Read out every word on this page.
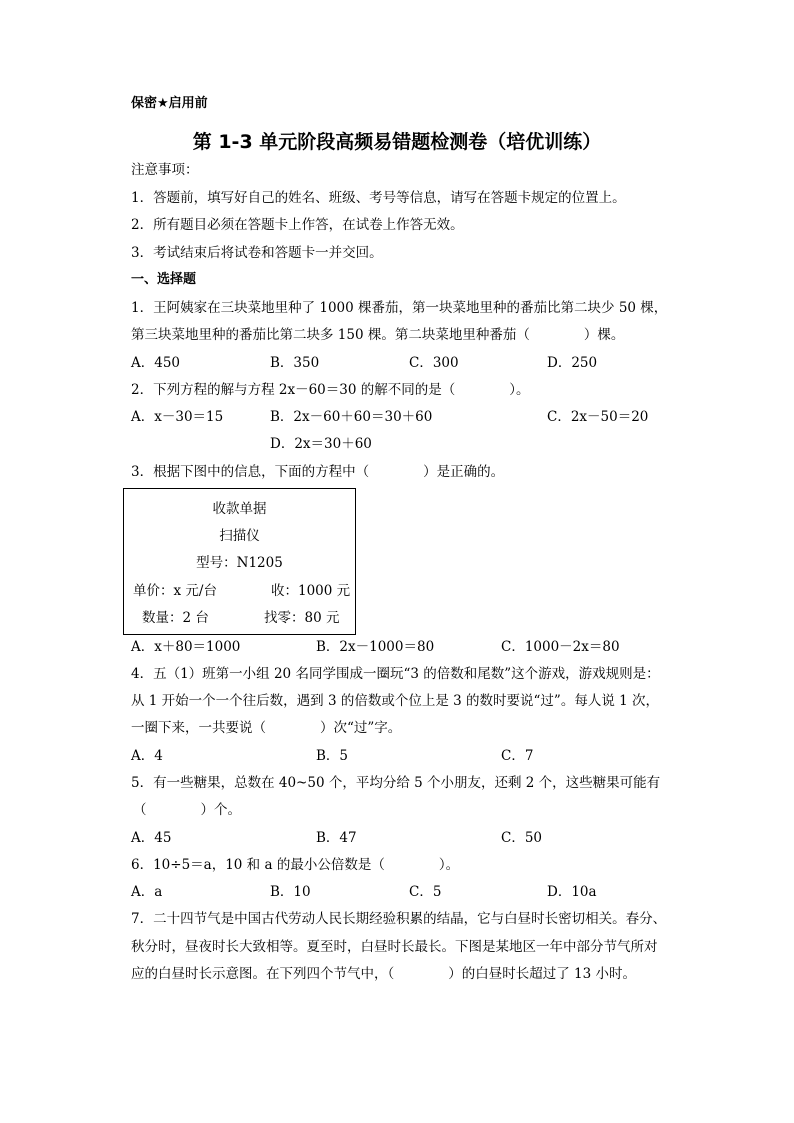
保密★启用前
第 1-3 单元阶段高频易错题检测卷（培优训练）
注意事项：
1．答题前，填写好自己的姓名、班级、考号等信息，请写在答题卡规定的位置上。
2．所有题目必须在答题卡上作答，在试卷上作答无效。
3．考试结束后将试卷和答题卡一并交回。
一、选择题
1．王阿姨家在三块菜地里种了 1000 棵番茄，第一块菜地里种的番茄比第二块少 50 棵，
第三块菜地里种的番茄比第二块多 150 棵。第二块菜地里种番茄（　　　　）棵。
A．450	B．350	C．300	D．250
2．下列方程的解与方程 2x－60＝30 的解不同的是（　　　　）。
A．x－30＝15	B．2x－60＋60＝30＋60	C．2x－50＝20
D．2x＝30＋60
3．根据下图中的信息，下面的方程中（　　　　）是正确的。
收款单据
扫描仪
型号：N1205
单价：x 元/台	收：1000 元
数量：2 台	找零：80 元
A．x＋80＝1000	B．2x－1000＝80	C．1000－2x＝80
4．五（1）班第一小组 20 名同学围成一圈玩“3 的倍数和尾数”这个游戏，游戏规则是：
从 1 开始一个一个往后数，遇到 3 的倍数或个位上是 3 的数时要说“过”。每人说 1 次，
一圈下来，一共要说（　　　　）次“过”字。
A．4	B．5	C．7
5．有一些糖果，总数在 40~50 个，平均分给 5 个小朋友，还剩 2 个，这些糖果可能有
（　　　　）个。
A．45	B．47	C．50
6．10÷5＝a，10 和 a 的最小公倍数是（　　　　）。
A．a	B．10	C．5	D．10a
7．二十四节气是中国古代劳动人民长期经验积累的结晶，它与白昼时长密切相关。春分、
秋分时，昼夜时长大致相等。夏至时，白昼时长最长。下图是某地区一年中部分节气所对
应的白昼时长示意图。在下列四个节气中，（　　　　）的白昼时长超过了 13 小时。
